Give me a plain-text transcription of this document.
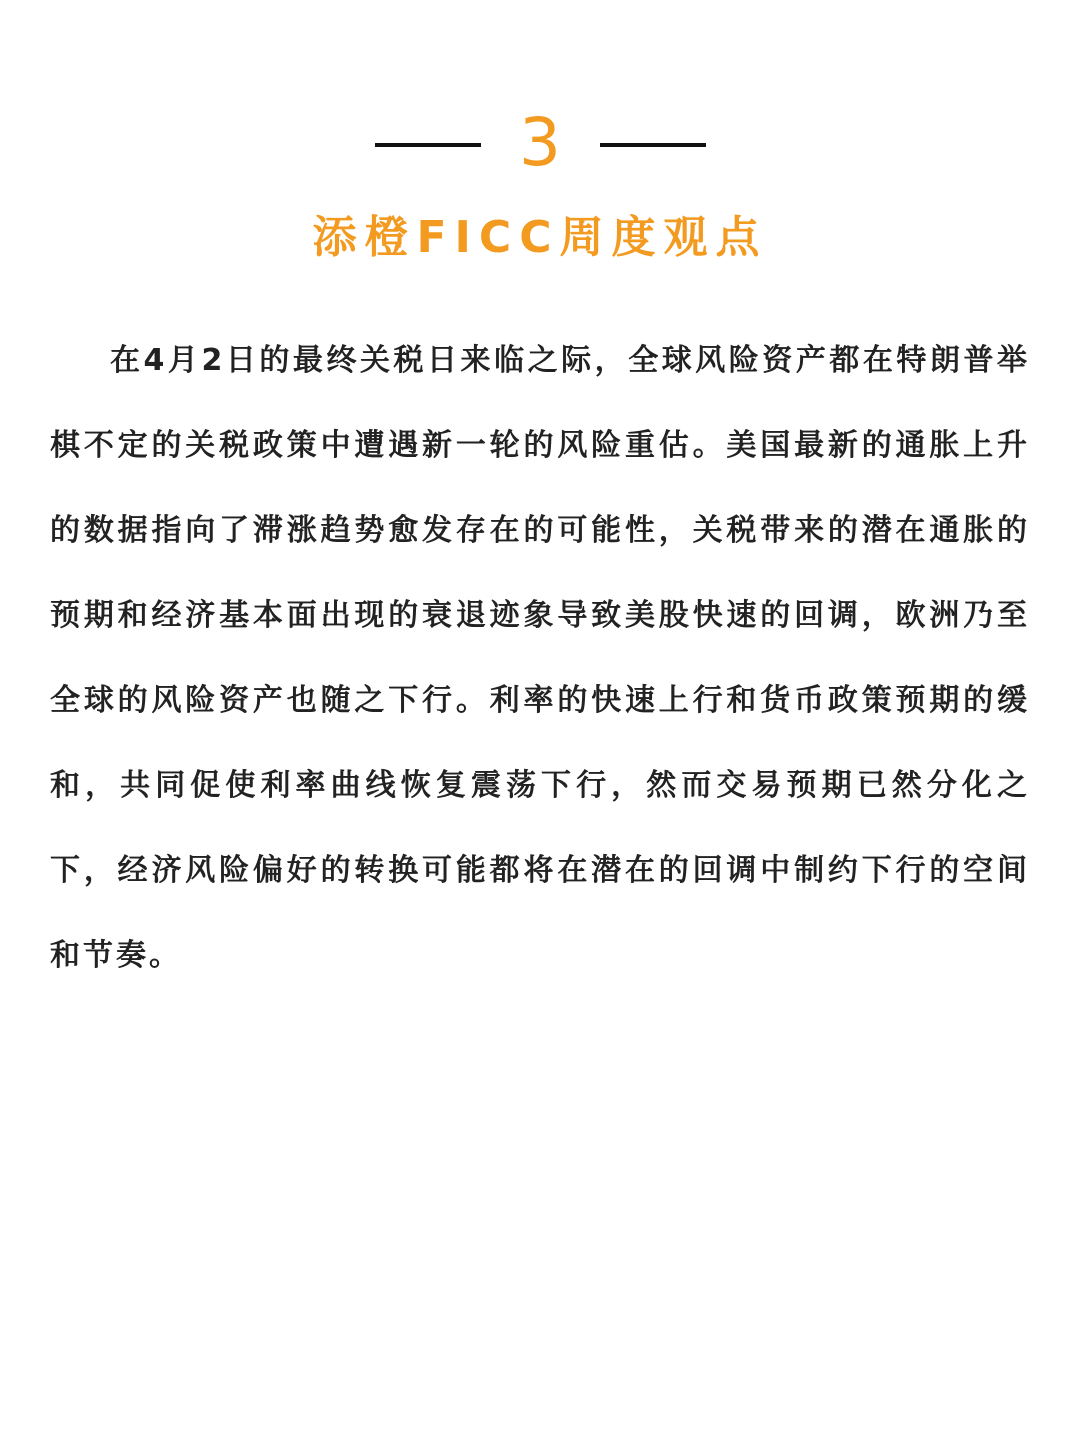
3
添橙FICC周度观点

在4月2日的最终关税日来临之际，全球风险资产都在特朗普举棋不定的关税政策中遭遇新一轮的风险重估。美国最新的通胀上升的数据指向了滞涨趋势愈发存在的可能性，关税带来的潜在通胀的预期和经济基本面出现的衰退迹象导致美股快速的回调，欧洲乃至全球的风险资产也随之下行。利率的快速上行和货币政策预期的缓和，共同促使利率曲线恢复震荡下行，然而交易预期已然分化之下，经济风险偏好的转换可能都将在潜在的回调中制约下行的空间和节奏。
